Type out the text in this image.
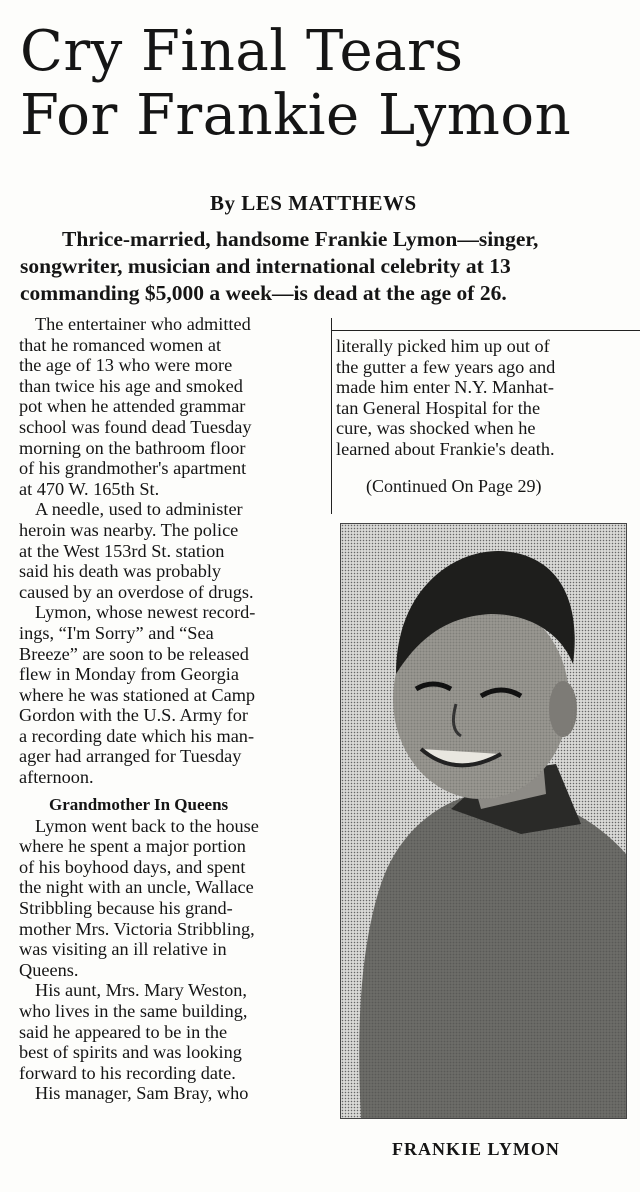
Cry Final Tears
For Frankie Lymon
By LES MATTHEWS
Thrice-married, handsome Frankie Lymon—singer,
songwriter, musician and international celebrity at 13
commanding $5,000 a week—is dead at the age of 26.
The entertainer who admitted
that he romanced women at
the age of 13 who were more
than twice his age and smoked
pot when he attended grammar
school was found dead Tuesday
morning on the bathroom floor
of his grandmother's apartment
at 470 W. 165th St.
A needle, used to administer
heroin was nearby. The police
at the West 153rd St. station
said his death was probably
caused by an overdose of drugs.
Lymon, whose newest record-
ings, “I'm Sorry” and “Sea
Breeze” are soon to be released
flew in Monday from Georgia
where he was stationed at Camp
Gordon with the U.S. Army for
a recording date which his man-
ager had arranged for Tuesday
afternoon.
Grandmother In Queens
Lymon went back to the house
where he spent a major portion
of his boyhood days, and spent
the night with an uncle, Wallace
Stribbling because his grand-
mother Mrs. Victoria Stribbling,
was visiting an ill relative in
Queens.
His aunt, Mrs. Mary Weston,
who lives in the same building,
said he appeared to be in the
best of spirits and was looking
forward to his recording date.
His manager, Sam Bray, who
literally picked him up out of
the gutter a few years ago and
made him enter N.Y. Manhat-
tan General Hospital for the
cure, was shocked when he
learned about Frankie's death.
(Continued On Page 29)
FRANKIE LYMON
